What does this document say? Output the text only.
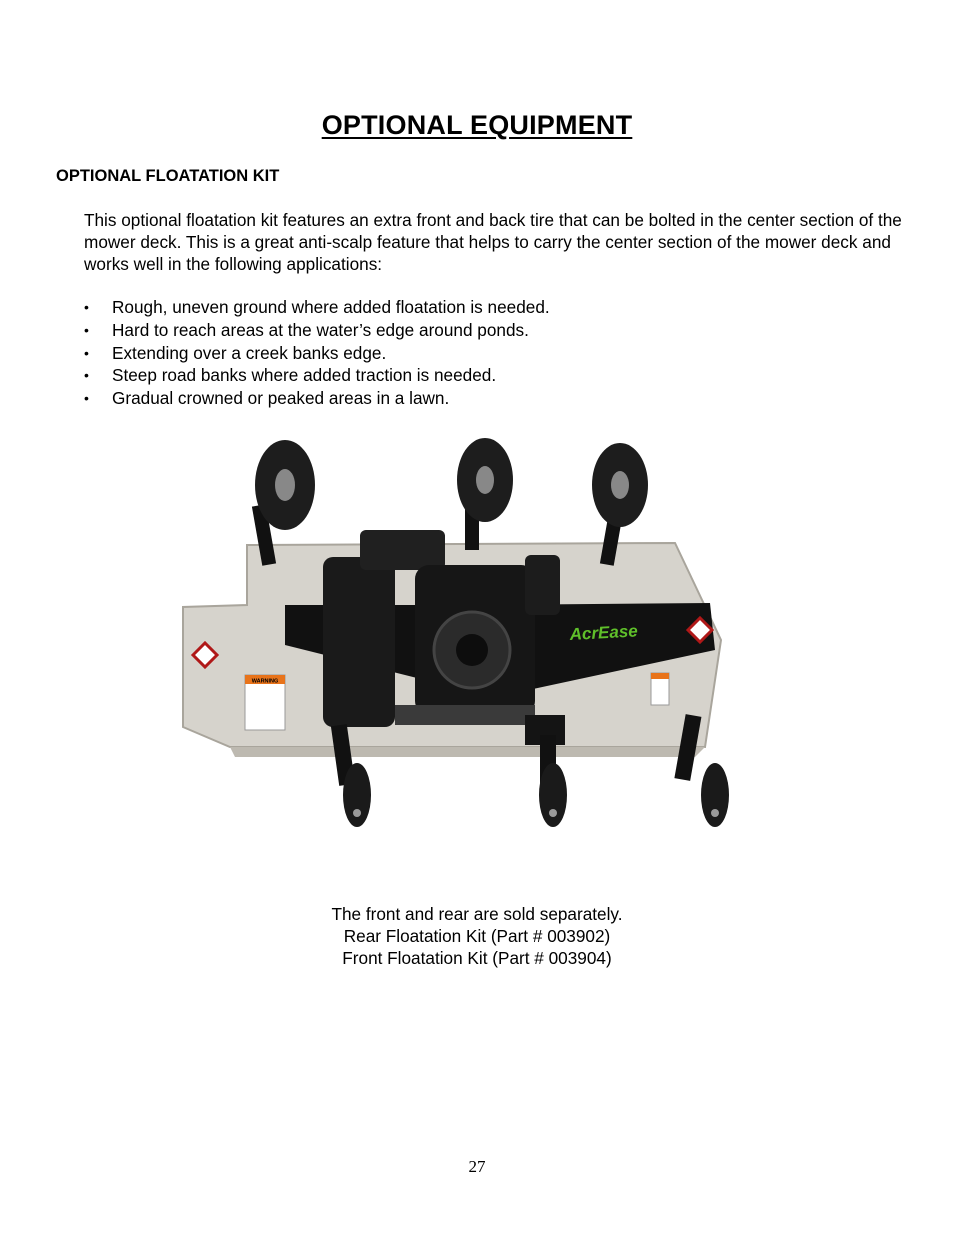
OPTIONAL EQUIPMENT
OPTIONAL FLOATATION KIT

This optional floatation kit features an extra front and back tire that can be bolted in the center section of the mower deck. This is a great anti-scalp feature that helps to carry the center section of the mower deck and works well in the following applications:

• Rough, uneven ground where added floatation is needed.
• Hard to reach areas at the water’s edge around ponds.
• Extending over a creek banks edge.
• Steep road banks where added traction is needed.
• Gradual crowned or peaked areas in a lawn.
AcrEase
WARNING
The front and rear are sold separately.
Rear Floatation Kit (Part # 003902)
Front Floatation Kit (Part # 003904)
27
